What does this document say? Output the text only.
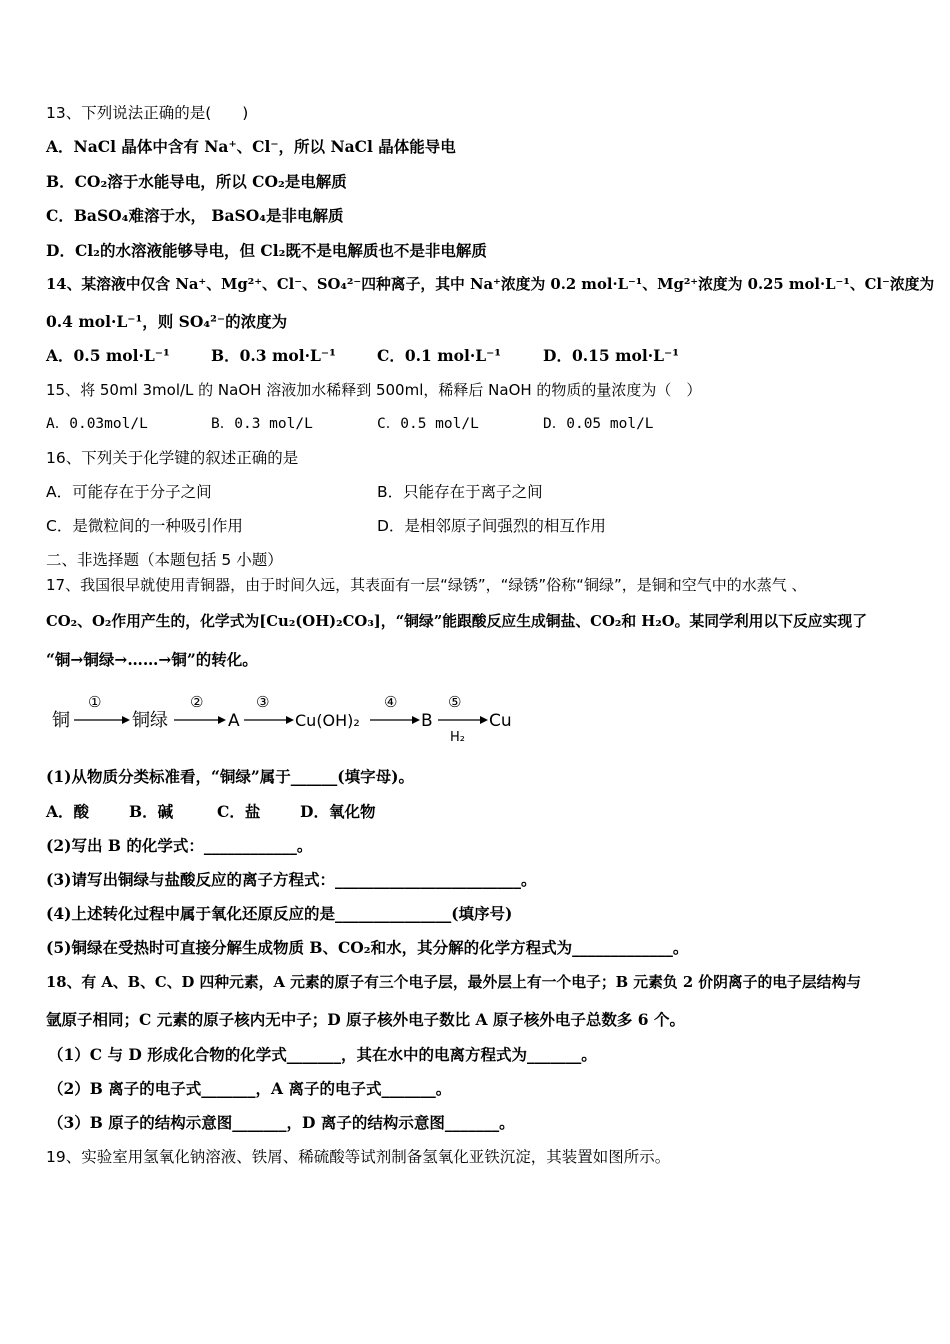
13、下列说法正确的是(　　)
A．NaCl 晶体中含有 Na⁺、Cl⁻，所以 NaCl 晶体能导电
B．CO₂溶于水能导电，所以 CO₂是电解质
C．BaSO₄难溶于水， BaSO₄是非电解质
D．Cl₂的水溶液能够导电，但 Cl₂既不是电解质也不是非电解质
14、某溶液中仅含 Na⁺、Mg²⁺、Cl⁻、SO₄²⁻四种离子，其中 Na⁺浓度为 0.2 mol·L⁻¹、Mg²⁺浓度为 0.25 mol·L⁻¹、Cl⁻浓度为
0.4 mol·L⁻¹，则 SO₄²⁻的浓度为
A．0.5 mol·L⁻¹	B．0.3 mol·L⁻¹	C．0.1 mol·L⁻¹	D．0.15 mol·L⁻¹
15、将 50ml 3mol/L 的 NaOH 溶液加水稀释到 500ml，稀释后 NaOH 的物质的量浓度为（　）
A．0.03mol/L	B．0.3 mol/L	C．0.5 mol/L	D．0.05 mol/L
16、下列关于化学键的叙述正确的是
A．可能存在于分子之间	B．只能存在于离子之间
C．是微粒间的一种吸引作用	D．是相邻原子间强烈的相互作用
二、非选择题（本题包括 5 小题）
17、我国很早就使用青铜器，由于时间久远，其表面有一层“绿锈”，“绿锈”俗称“铜绿”，是铜和空气中的水蒸气 、
CO₂、O₂作用产生的，化学式为[Cu₂(OH)₂CO₃]，“铜绿”能跟酸反应生成铜盐、CO₂和 H₂O。某同学利用以下反应实现了
“铜→铜绿→……→铜”的转化。
铜
①
铜绿
②
A
③
Cu(OH)₂
④
B
⑤
H₂
Cu
(1)从物质分类标准看，“铜绿”属于______(填字母)。
A．酸	B．碱	C．盐	D．氧化物
(2)写出 B 的化学式：____________。
(3)请写出铜绿与盐酸反应的离子方程式：________________________。
(4)上述转化过程中属于氧化还原反应的是_______________(填序号)
(5)铜绿在受热时可直接分解生成物质 B、CO₂和水，其分解的化学方程式为_____________。
18、有 A、B、C、D 四种元素，A 元素的原子有三个电子层，最外层上有一个电子；B 元素负 2 价阴离子的电子层结构与
氩原子相同；C 元素的原子核内无中子；D 原子核外电子数比 A 原子核外电子总数多 6 个。
（1）C 与 D 形成化合物的化学式_______，其在水中的电离方程式为_______。
（2）B 离子的电子式_______，A 离子的电子式_______。
（3）B 原子的结构示意图_______，D 离子的结构示意图_______。
19、实验室用氢氧化钠溶液、铁屑、稀硫酸等试剂制备氢氧化亚铁沉淀，其装置如图所示。
